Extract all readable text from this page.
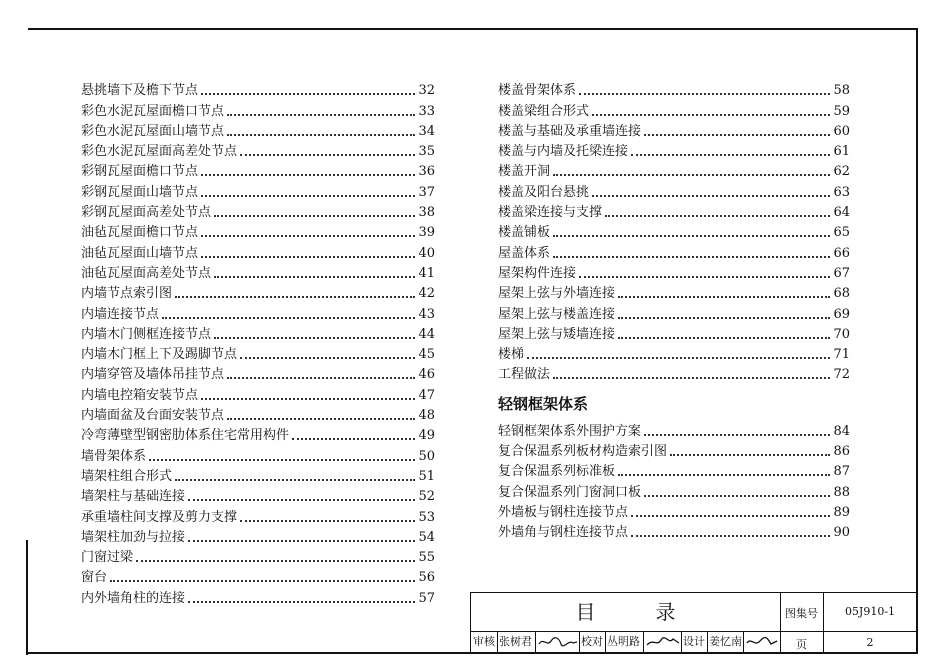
悬挑墙下及檐下节点	32
彩色水泥瓦屋面檐口节点	33
彩色水泥瓦屋面山墙节点	34
彩色水泥瓦屋面高差处节点	35
彩钢瓦屋面檐口节点	36
彩钢瓦屋面山墙节点	37
彩钢瓦屋面高差处节点	38
油毡瓦屋面檐口节点	39
油毡瓦屋面山墙节点	40
油毡瓦屋面高差处节点	41
内墙节点索引图	42
内墙连接节点	43
内墙木门侧框连接节点	44
内墙木门框上下及踢脚节点	45
内墙穿管及墙体吊挂节点	46
内墙电控箱安装节点	47
内墙面盆及台面安装节点	48
冷弯薄壁型钢密肋体系住宅常用构件	49
墙骨架体系	50
墙架柱组合形式	51
墙架柱与基础连接	52
承重墙柱间支撑及剪力支撑	53
墙架柱加劲与拉接	54
门窗过梁	55
窗台	56
内外墙角柱的连接	57
楼盖骨架体系	58
楼盖梁组合形式	59
楼盖与基础及承重墙连接	60
楼盖与内墙及托梁连接	61
楼盖开洞	62
楼盖及阳台悬挑	63
楼盖梁连接与支撑	64
楼盖铺板	65
屋盖体系	66
屋架构件连接	67
屋架上弦与外墙连接	68
屋架上弦与楼盖连接	69
屋架上弦与矮墙连接	70
楼梯	71
工程做法	72
轻钢框架体系
轻钢框架体系外围护方案	84
复合保温系列板材构造索引图	86
复合保温系列标准板	87
复合保温系列门窗洞口板	88
外墙板与钢柱连接节点	89
外墙角与钢柱连接节点	90
目录	图集号	05J910-1
页	2
审核 张树君	校对 丛明路	设计 姜忆南
